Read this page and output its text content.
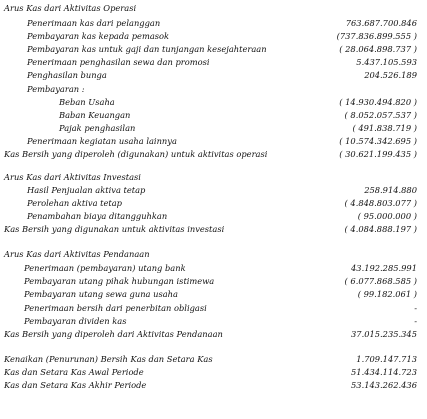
Arus Kas dari Aktivitas Operasi
Penerimaan kas dari pelanggan	763.687.700.846
Pembayaran kas kepada pemasok	(737.836.899.555 )
Pembayaran kas untuk gaji dan tunjangan kesejahteraan	( 28.064.898.737 )
Penerimaan penghasilan sewa dan promosi	5.437.105.593
Penghasilan bunga	204.526.189
Pembayaran :
Beban Usaha	( 14.930.494.820 )
Baban Keuangan	( 8.052.057.537 )
Pajak penghasilan	( 491.838.719 )
Penerimaan kegiatan usaha lainnya	( 10.574.342.695 )
Kas Bersih yang diperoleh (digunakan) untuk aktivitas operasi	( 30.621.199.435 )
Arus Kas dari Aktivitas Investasi
Hasil Penjualan aktiva tetap	258.914.880
Perolehan aktiva tetap	( 4.848.803.077 )
Penambahan biaya ditangguhkan	( 95.000.000 )
Kas Bersih yang digunakan untuk aktivitas investasi	( 4.084.888.197 )
Arus Kas dari Aktivitas Pendanaan
Penerimaan (pembayaran) utang bank	43.192.285.991
Pembayaran utang pihak hubungan istimewa	( 6.077.868.585 )
Pembayaran utang sewa guna usaha	( 99.182.061 )
Penerimaan bersih dari penerbitan obligasi	-
Pembayaran dividen kas	-
Kas Bersih yang diperoleh dari Aktivitas Pendanaan	37.015.235.345
Kenaikan (Penurunan) Bersih Kas dan Setara Kas	1.709.147.713
Kas dan Setara Kas Awal Periode	51.434.114.723
Kas dan Setara Kas Akhir Periode	53.143.262.436
